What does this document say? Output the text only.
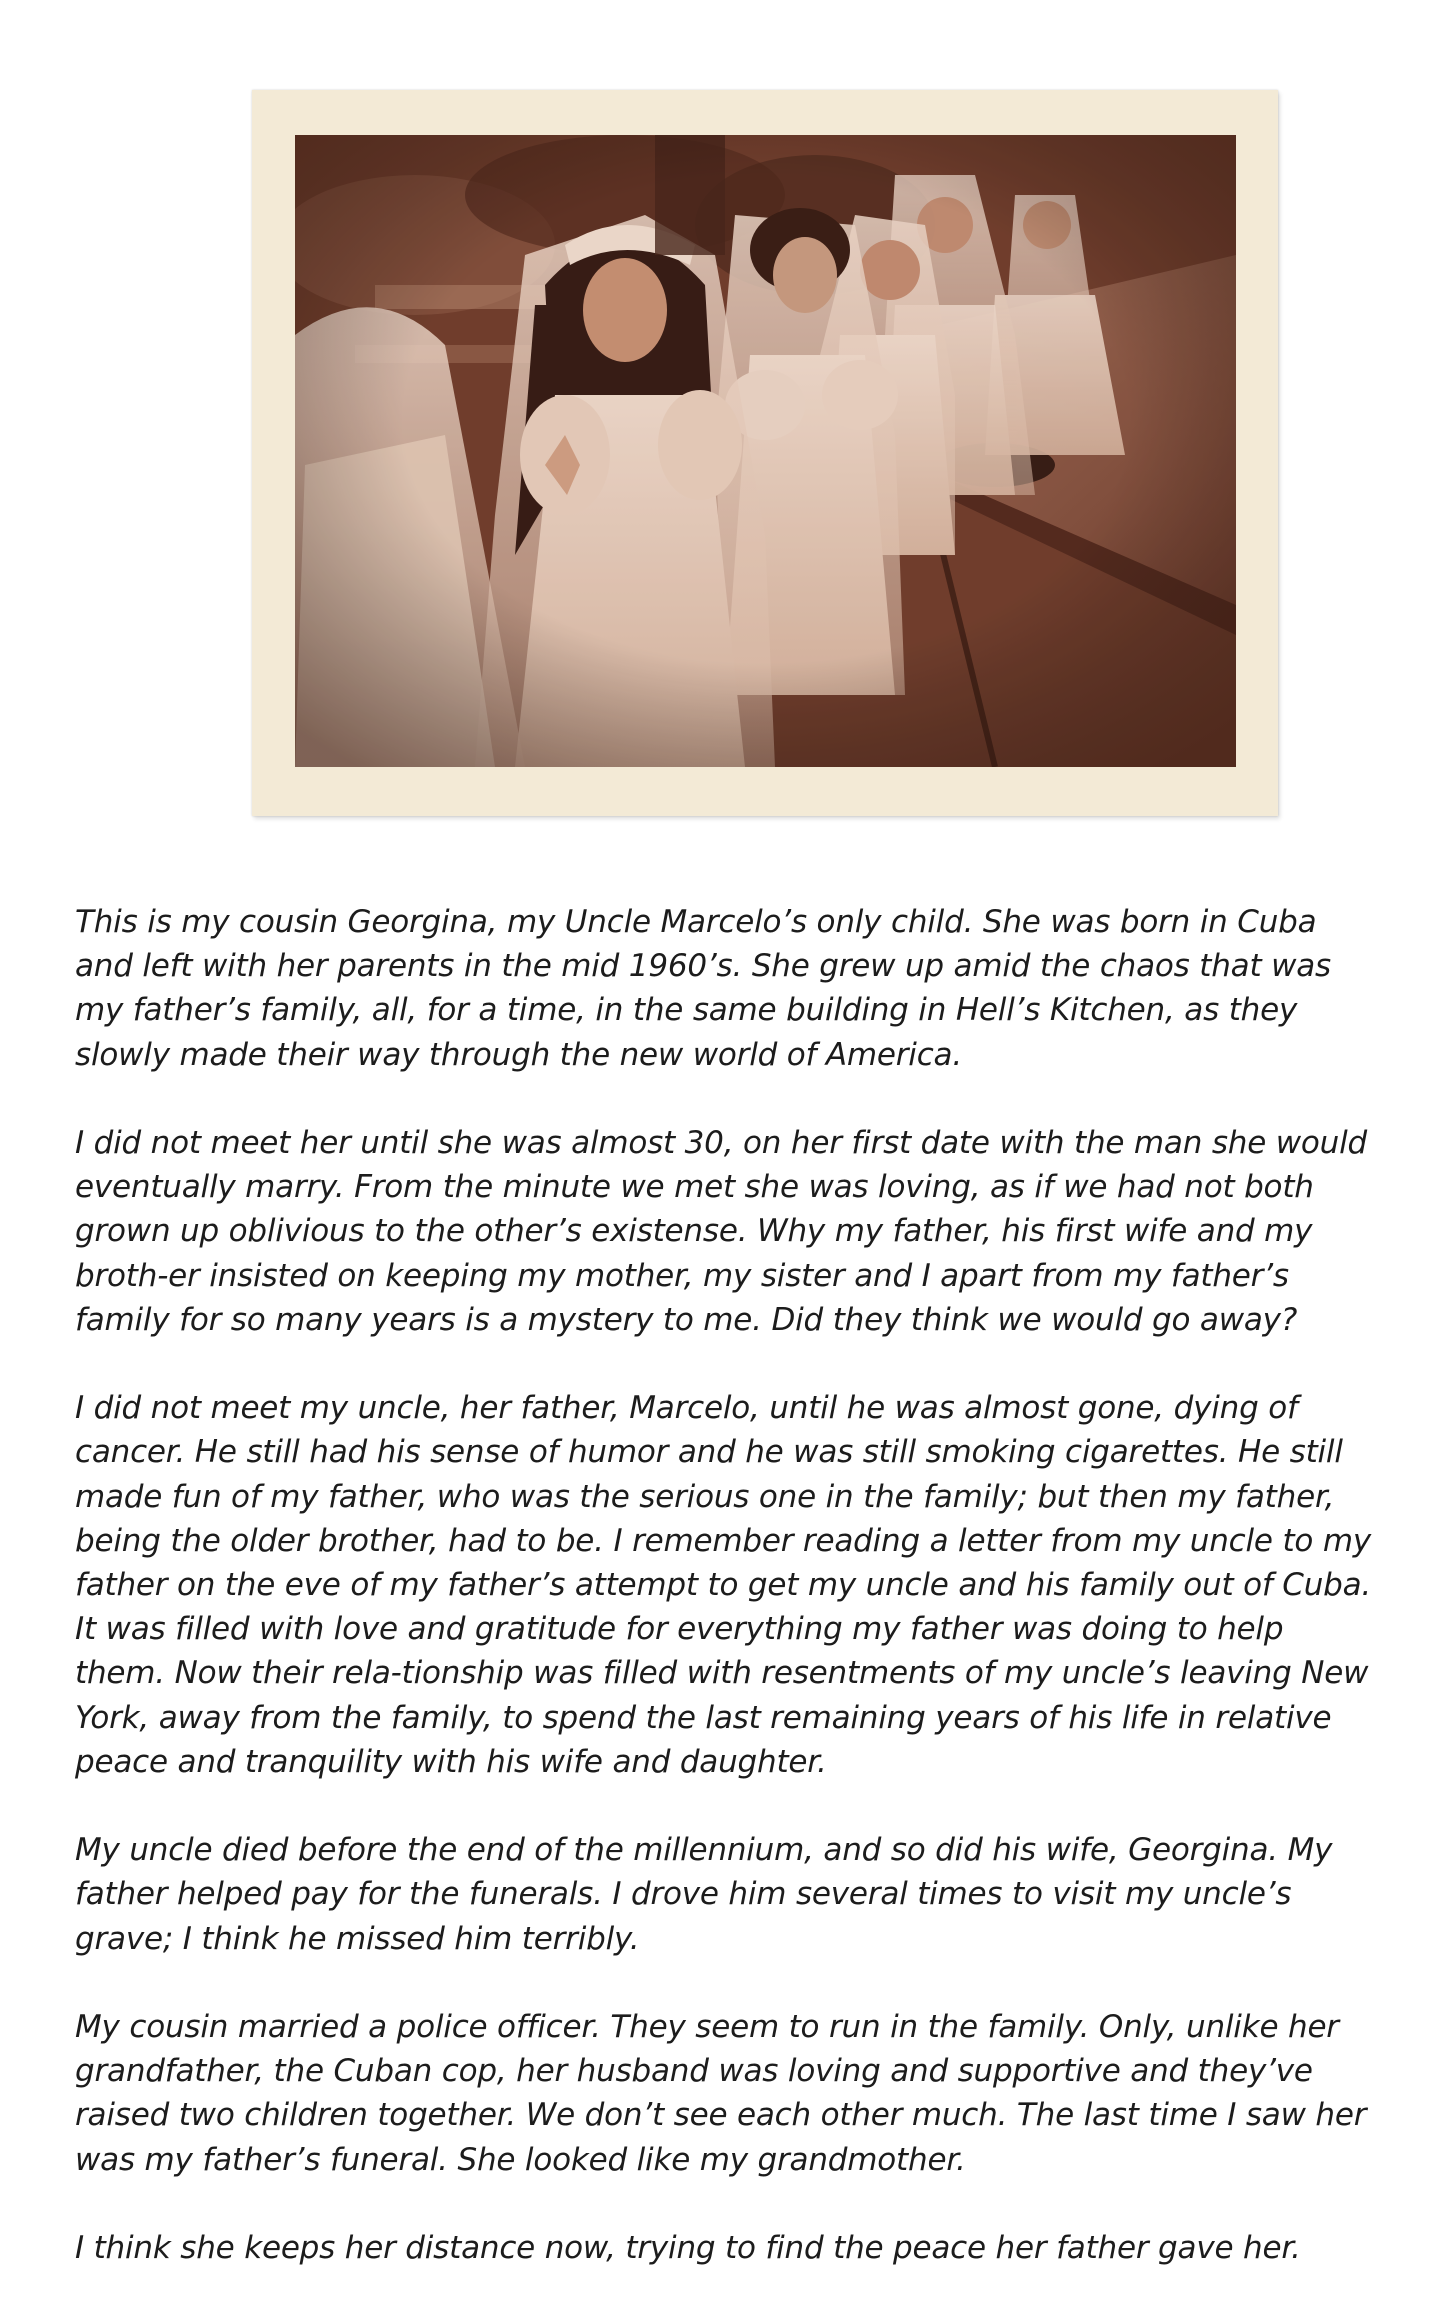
This is my cousin Georgina, my Uncle Marcelo’s only child. She was born in Cuba and left with her parents in the mid 1960’s. She grew up amid the chaos that was my father’s family, all, for a time, in the same building in Hell’s Kitchen, as they slowly made their way through the new world of America.

I did not meet her until she was almost 30, on her first date with the man she would eventually marry. From the minute we met she was loving, as if we had not both grown up oblivious to the other’s existense. Why my father, his first wife and my broth-er insisted on keeping my mother, my sister and I apart from my father’s family for so many years is a mystery to me. Did they think we would go away?

I did not meet my uncle, her father, Marcelo, until he was almost gone, dying of cancer. He still had his sense of humor and he was still smoking cigarettes. He still made fun of my father, who was the serious one in the family; but then my father, being the older brother, had to be. I remember reading a letter from my uncle to my father on the eve of my father’s attempt to get my uncle and his family out of Cuba. It was filled with love and gratitude for everything my father was doing to help them. Now their rela-tionship was filled with resentments of my uncle’s leaving New York, away from the family, to spend the last remaining years of his life in relative peace and tranquility with his wife and daughter.

My uncle died before the end of the millennium, and so did his wife, Georgina. My father helped pay for the funerals. I drove him several times to visit my uncle’s grave; I think he missed him terribly.

My cousin married a police officer. They seem to run in the family. Only, unlike her grandfather, the Cuban cop, her husband was loving and supportive and they’ve raised two children together. We don’t see each other much. The last time I saw her was my father’s funeral. She looked like my grandmother.

I think she keeps her distance now, trying to find the peace her father gave her.
